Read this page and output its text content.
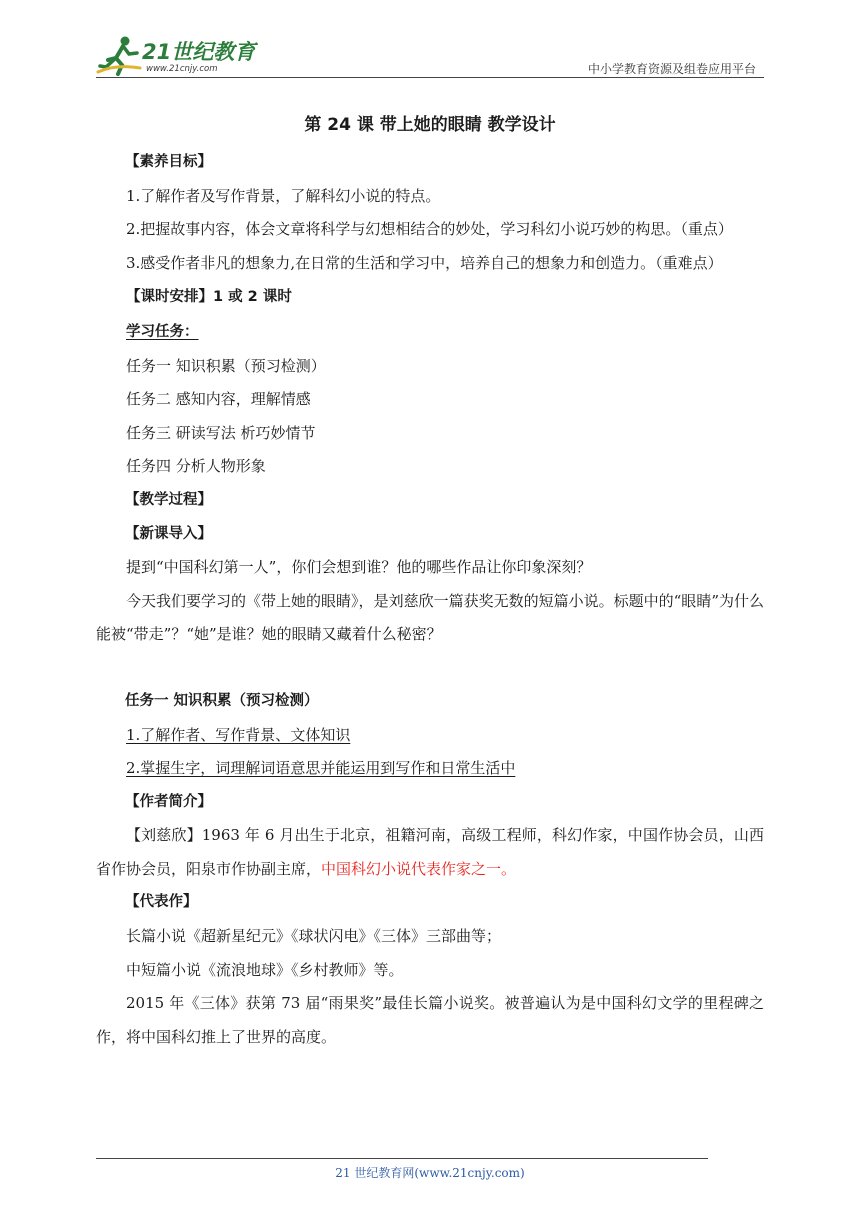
21世纪教育
www.21cnjy.com	中小学教育资源及组卷应用平台
第 24 课 带上她的眼睛 教学设计

【素养目标】

1.了解作者及写作背景，了解科幻小说的特点。

2.把握故事内容，体会文章将科学与幻想相结合的妙处，学习科幻小说巧妙的构思。（重点）

3.感受作者非凡的想象力,在日常的生活和学习中，培养自己的想象力和创造力。（重难点）

【课时安排】1 或 2 课时

学习任务：

任务一 知识积累（预习检测）

任务二 感知内容，理解情感

任务三 研读写法 析巧妙情节

任务四 分析人物形象

【教学过程】

【新课导入】

提到“中国科幻第一人”，你们会想到谁？他的哪些作品让你印象深刻？

今天我们要学习的《带上她的眼睛》，是刘慈欣一篇获奖无数的短篇小说。标题中的“眼睛”为什么能被“带走”？“她”是谁？她的眼睛又藏着什么秘密？

任务一 知识积累（预习检测）

1.了解作者、写作背景、文体知识

2.掌握生字，词理解词语意思并能运用到写作和日常生活中

【作者简介】

【刘慈欣】1963 年 6 月出生于北京，祖籍河南，高级工程师，科幻作家，中国作协会员，山西省作协会员，阳泉市作协副主席，中国科幻小说代表作家之一。

【代表作】

长篇小说《超新星纪元》《球状闪电》《三体》三部曲等；

中短篇小说《流浪地球》《乡村教师》等。

2015 年《三体》获第 73 届“雨果奖”最佳长篇小说奖。被普遍认为是中国科幻文学的里程碑之作，将中国科幻推上了世界的高度。

21 世纪教育网(www.21cnjy.com)
